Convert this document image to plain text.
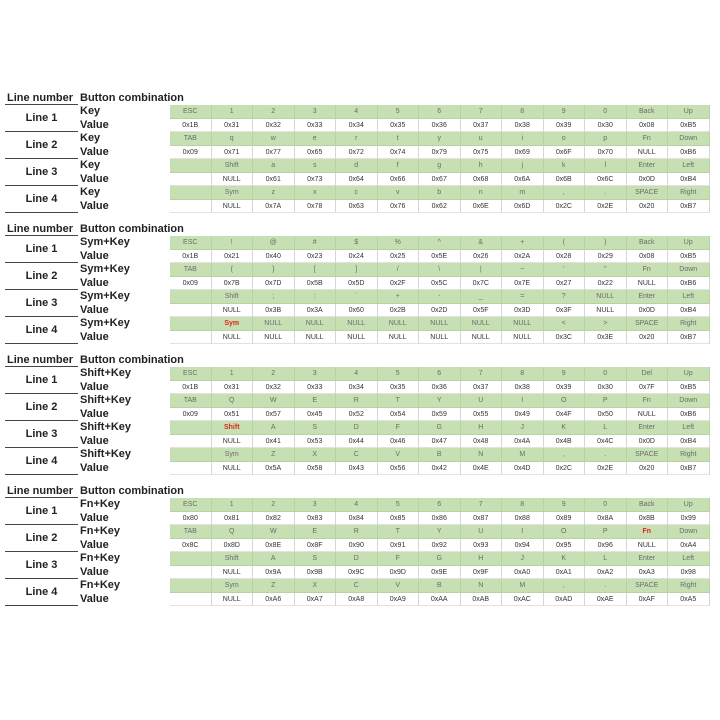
Line number Button combination
Line 1
Key	ESC	1	2	3	4	5	6	7	8	9	0	Back	Up
Value	0x1B	0x31	0x32	0x33	0x34	0x35	0x36	0x37	0x38	0x39	0x30	0x08	0xB5
Line 2
Key	TAB	q	w	e	r	t	y	u	i	o	p	Fn	Down
Value	0x09	0x71	0x77	0x65	0x72	0x74	0x79	0x75	0x69	0x6F	0x70	NULL	0xB6
Line 3
Key	Shift	a	s	d	f	g	h	j	k	l	Enter	Left
Value	NULL	0x61	0x73	0x64	0x66	0x67	0x68	0x6A	0x6B	0x6C	0x0D	0xB4
Line 4
Key	Sym	z	x	c	v	b	n	m	,	.	SPACE	Right
Value	NULL	0x7A	0x78	0x63	0x76	0x62	0x6E	0x6D	0x2C	0x2E	0x20	0xB7
Line number Button combination
Line 1
Sym+Key	ESC	!	@	#	$	%	^	&	+	(	)	Back	Up
Value	0x1B	0x21	0x40	0x23	0x24	0x25	0x5E	0x26	0x2A	0x28	0x29	0x08	0xB5
Line 2
Sym+Key	TAB	{	}	[	]	/	\	|	~	'	"	Fn	Down
Value	0x09	0x7B	0x7D	0x5B	0x5D	0x2F	0x5C	0x7C	0x7E	0x27	0x22	NULL	0xB6
Line 3
Sym+Key	Shift	;	:	`	+	-	_	=	?	NULL	Enter	Left
Value	NULL	0x3B	0x3A	0x60	0x2B	0x2D	0x5F	0x3D	0x3F	NULL	0x0D	0xB4
Line 4
Sym+Key	Sym	NULL	NULL	NULL	NULL	NULL	NULL	NULL	<	>	SPACE	Right
Value	NULL	NULL	NULL	NULL	NULL	NULL	NULL	NULL	0x3C	0x3E	0x20	0xB7
Line number Button combination
Line 1
Shift+Key	ESC	1	2	3	4	5	6	7	8	9	0	Del	Up
Value	0x1B	0x31	0x32	0x33	0x34	0x35	0x36	0x37	0x38	0x39	0x30	0x7F	0xB5
Line 2
Shift+Key	TAB	Q	W	E	R	T	Y	U	I	O	P	Fn	Down
Value	0x09	0x51	0x57	0x45	0x52	0x54	0x59	0x55	0x49	0x4F	0x50	NULL	0xB6
Line 3
Shift+Key	Shift	A	S	D	F	G	H	J	K	L	Enter	Left
Value	NULL	0x41	0x53	0x44	0x46	0x47	0x48	0x4A	0x4B	0x4C	0x0D	0xB4
Line 4
Shift+Key	Sym	Z	X	C	V	B	N	M	,	.	SPACE	Right
Value	NULL	0x5A	0x58	0x43	0x56	0x42	0x4E	0x4D	0x2C	0x2E	0x20	0xB7
Line number Button combination
Line 1
Fn+Key	ESC	1	2	3	4	5	6	7	8	9	0	Back	Up
Value	0x80	0x81	0x82	0x83	0x84	0x85	0x86	0x87	0x88	0x89	0x8A	0x8B	0x99
Line 2
Fn+Key	TAB	Q	W	E	R	T	Y	U	I	O	P	Fn	Down
Value	0x8C	0x8D	0x8E	0x8F	0x90	0x91	0x92	0x93	0x94	0x95	0x96	NULL	0xA4
Line 3
Fn+Key	Shift	A	S	D	F	G	H	J	K	L	Enter	Left
Value	NULL	0x9A	0x9B	0x9C	0x9D	0x9E	0x9F	0xA0	0xA1	0xA2	0xA3	0x98
Line 4
Fn+Key	Sym	Z	X	C	V	B	N	M	,	.	SPACE	Right
Value	NULL	0xA6	0xA7	0xA8	0xA9	0xAA	0xAB	0xAC	0xAD	0xAE	0xAF	0xA5
